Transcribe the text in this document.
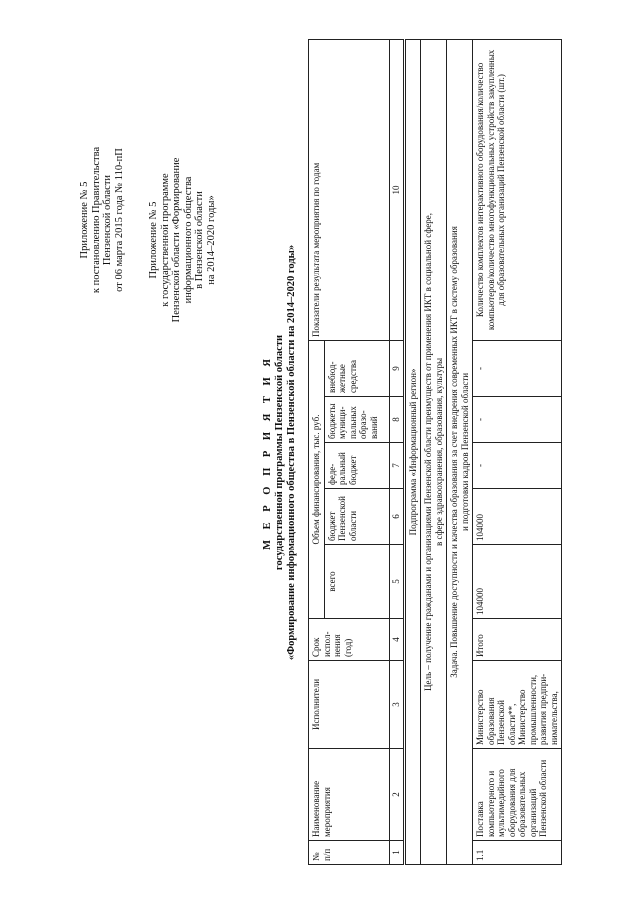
Приложение № 5 к постановлению Правительства Пензенской области от 06 марта 2015 года № 110-пП Приложение № 5 к государственной программе Пензенской области «Формирование информационного общества в Пензенской области на 2014–2020 годы»
М Е Р О П Р И Я Т И Я государственной программы Пензенской области «Формирование информационного общества в Пензенской области на 2014–2020 годы»
№ п/п	Наименование мероприятия	Исполнители	Срок испол-нения (год)	Объем финансирования, тыс. руб.					Показатели результата мероприятия по годам
				всего	бюджет Пензенской области	феде-ральный бюджет	бюджеты муници-пальных образо-ваний	внебюд-жетные средства	
1	2	3	4	5	6	7	8	9	10
Подпрограмма «Информационный регион»									

Цель – получение гражданами и организациями Пензенской области преимуществ от применения ИКТ в социальной сфере, в сфере здравоохранения, образования, культуры									

Задача. Повышение доступности и качества образования за счет внедрения современных ИКТ в систему образования и подготовки кадров Пензенской области									

1.1	Поставка компьютерного и мультимедийного оборудования для образовательных организаций Пензенской области	Министерство образования Пензенской области**, Министерство промышленности, развития предпри-нимательства,	Итого	104000	104000	-	-	-	Количество комплектов интерактивного оборудования/количество компьютеров/количество многофункциональных устройств закупленных для образовательных организаций Пензенской области (шт.)
